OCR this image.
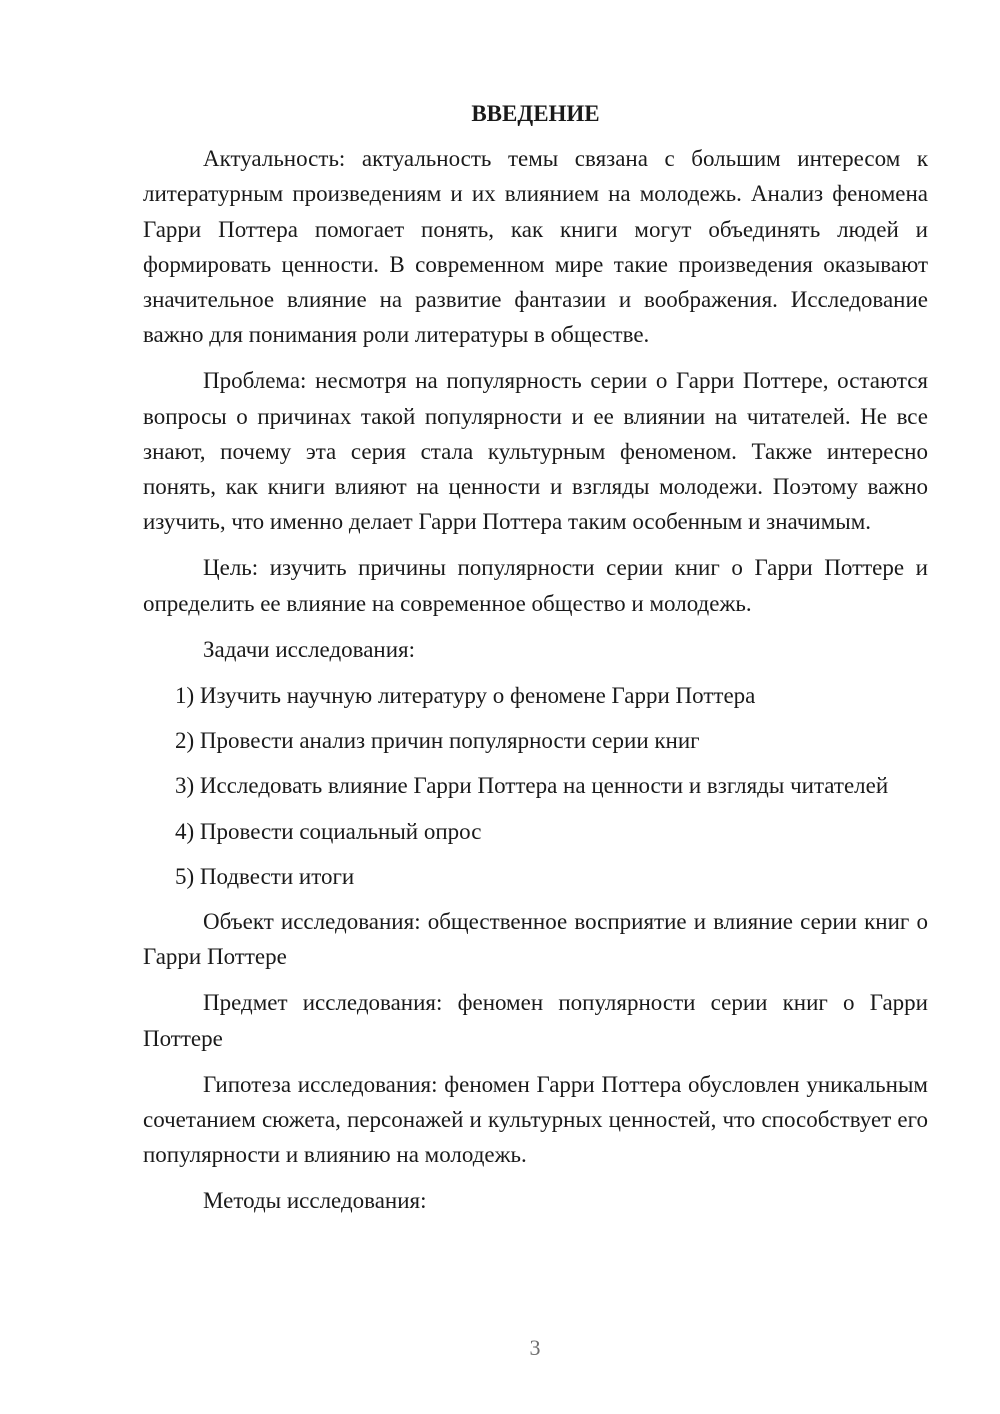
ВВЕДЕНИЕ

Актуальность: актуальность темы связана с большим интересом к литературным произведениям и их влиянием на молодежь. Анализ феномена Гарри Поттера помогает понять, как книги могут объединять людей и формировать ценности. В современном мире такие произведения оказывают значительное влияние на развитие фантазии и воображения. Исследование важно для понимания роли литературы в обществе.

Проблема: несмотря на популярность серии о Гарри Поттере, остаются вопросы о причинах такой популярности и ее влиянии на читателей. Не все знают, почему эта серия стала культурным феноменом. Также интересно понять, как книги влияют на ценности и взгляды молодежи. Поэтому важно изучить, что именно делает Гарри Поттера таким особенным и значимым.

Цель: изучить причины популярности серии книг о Гарри Поттере и определить ее влияние на современное общество и молодежь.

Задачи исследования:

1) Изучить научную литературу о феномене Гарри Поттера

2) Провести анализ причин популярности серии книг

3) Исследовать влияние Гарри Поттера на ценности и взгляды читателей

4) Провести социальный опрос

5) Подвести итоги

Объект исследования: общественное восприятие и влияние серии книг о Гарри Поттере

Предмет исследования: феномен популярности серии книг о Гарри Поттере

Гипотеза исследования: феномен Гарри Поттера обусловлен уникальным сочетанием сюжета, персонажей и культурных ценностей, что способствует его популярности и влиянию на молодежь.

Методы исследования:

3
